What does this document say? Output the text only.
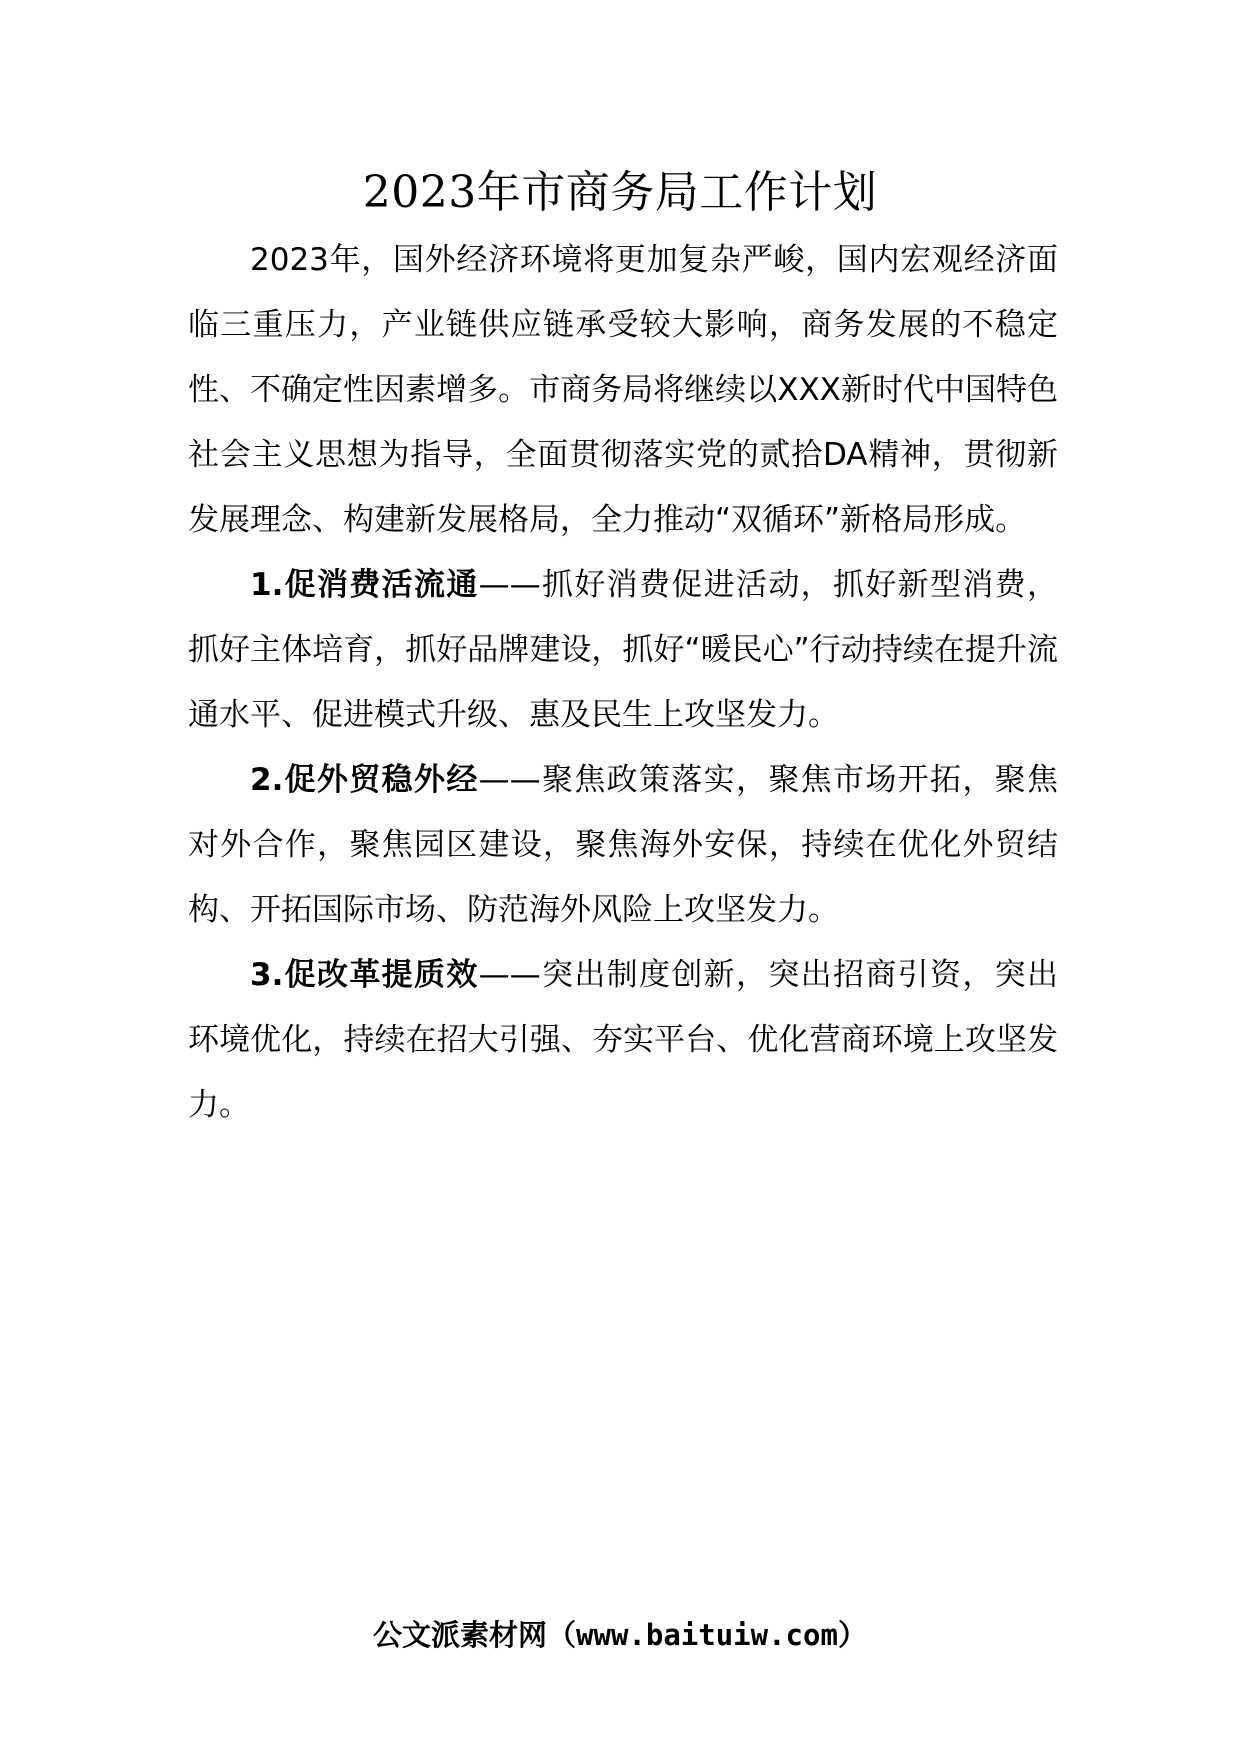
2023年市商务局工作计划

2023年，国外经济环境将更加复杂严峻，国内宏观经济面临三重压力，产业链供应链承受较大影响，商务发展的不稳定性、不确定性因素增多。市商务局将继续以XXX新时代中国特色社会主义思想为指导，全面贯彻落实党的贰拾DA精神，贯彻新发展理念、构建新发展格局，全力推动“双循环”新格局形成。

1.促消费活流通——抓好消费促进活动，抓好新型消费，抓好主体培育，抓好品牌建设，抓好“暖民心”行动持续在提升流通水平、促进模式升级、惠及民生上攻坚发力。

2.促外贸稳外经——聚焦政策落实，聚焦市场开拓，聚焦对外合作，聚焦园区建设，聚焦海外安保，持续在优化外贸结构、开拓国际市场、防范海外风险上攻坚发力。

3.促改革提质效——突出制度创新，突出招商引资，突出环境优化，持续在招大引强、夯实平台、优化营商环境上攻坚发力。

公文派素材网（www.baituiw.com）
